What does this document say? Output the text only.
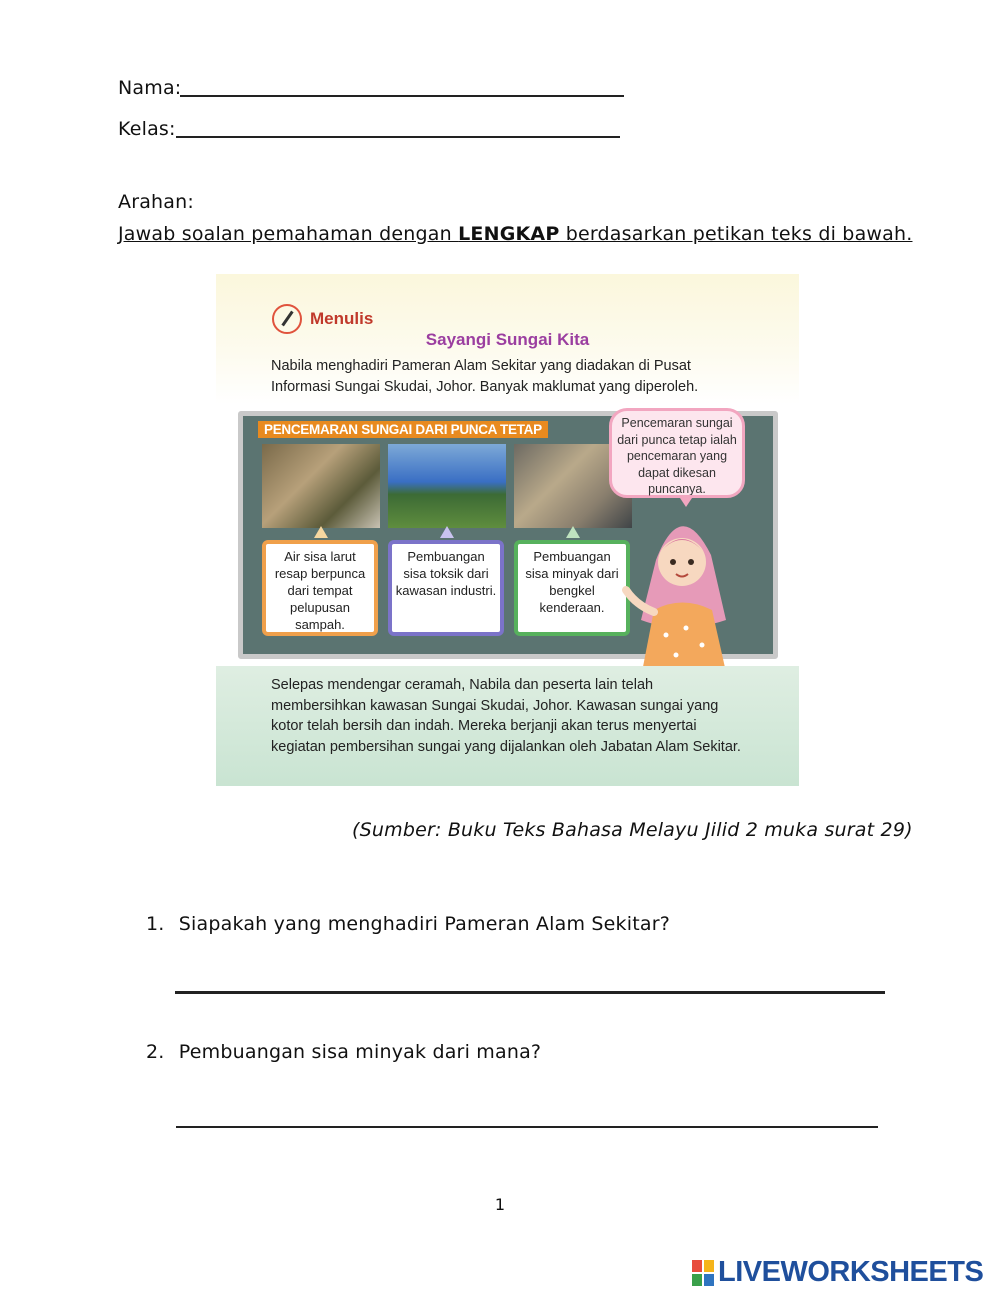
Nama:
Kelas:
Arahan:
Jawab soalan pemahaman dengan LENGKAP berdasarkan petikan teks di bawah.
Menulis
Sayangi Sungai Kita
Nabila menghadiri Pameran Alam Sekitar yang diadakan di Pusat Informasi Sungai Skudai, Johor. Banyak maklumat yang diperoleh.
PENCEMARAN SUNGAI DARI PUNCA TETAP
Air sisa larut resap berpunca dari tempat pelupusan sampah.
Pembuangan sisa toksik dari kawasan industri.
Pembuangan sisa minyak dari bengkel kenderaan.
Pencemaran sungai dari punca tetap ialah pencemaran yang dapat dikesan puncanya.
Selepas mendengar ceramah, Nabila dan peserta lain telah membersihkan kawasan Sungai Skudai, Johor. Kawasan sungai yang kotor telah bersih dan indah. Mereka berjanji akan terus menyertai kegiatan pembersihan sungai yang dijalankan oleh Jabatan Alam Sekitar.
(Sumber: Buku Teks Bahasa Melayu Jilid 2 muka surat 29)
1. Siapakah yang menghadiri Pameran Alam Sekitar?
2. Pembuangan sisa minyak dari mana?
1
LIVEWORKSHEETS
